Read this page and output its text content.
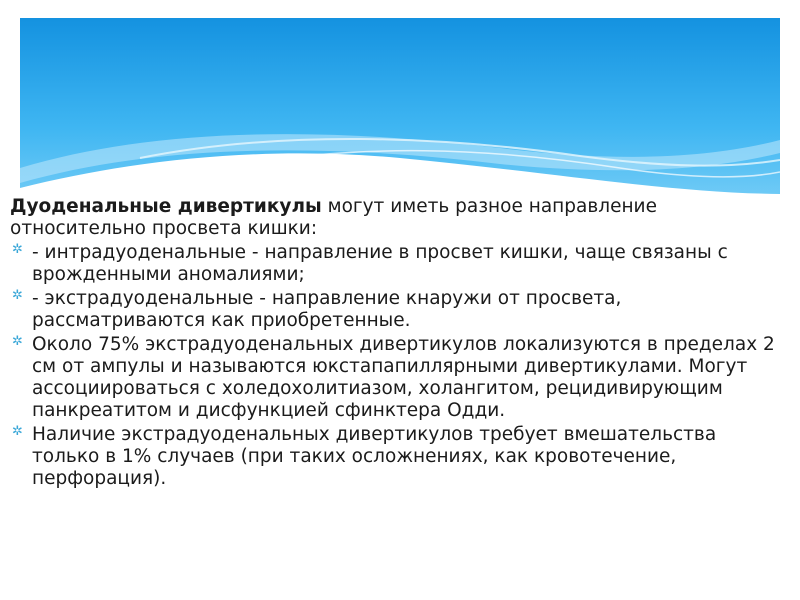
Дуоденальные дивертикулы могут иметь разное направление относительно просвета кишки:

✲ - интрадуоденальные - направление в просвет кишки, чаще связаны с врожденными аномалиями;
✲ - экстрадуоденальные - направление кнаружи от просвета, рассматриваются как приобретенные.
✲ Около 75% экстрадуоденальных дивертикулов локализуются в пределах 2 см от ампулы и называются юкстапапиллярными дивертикулами. Могут ассоциироваться с холедохолитиазом, холангитом, рецидивирующим панкреатитом и дисфункцией сфинктера Одди.
✲ Наличие экстрадуоденальных дивертикулов требует вмешательства только в 1% случаев (при таких осложнениях, как кровотечение, перфорация).
